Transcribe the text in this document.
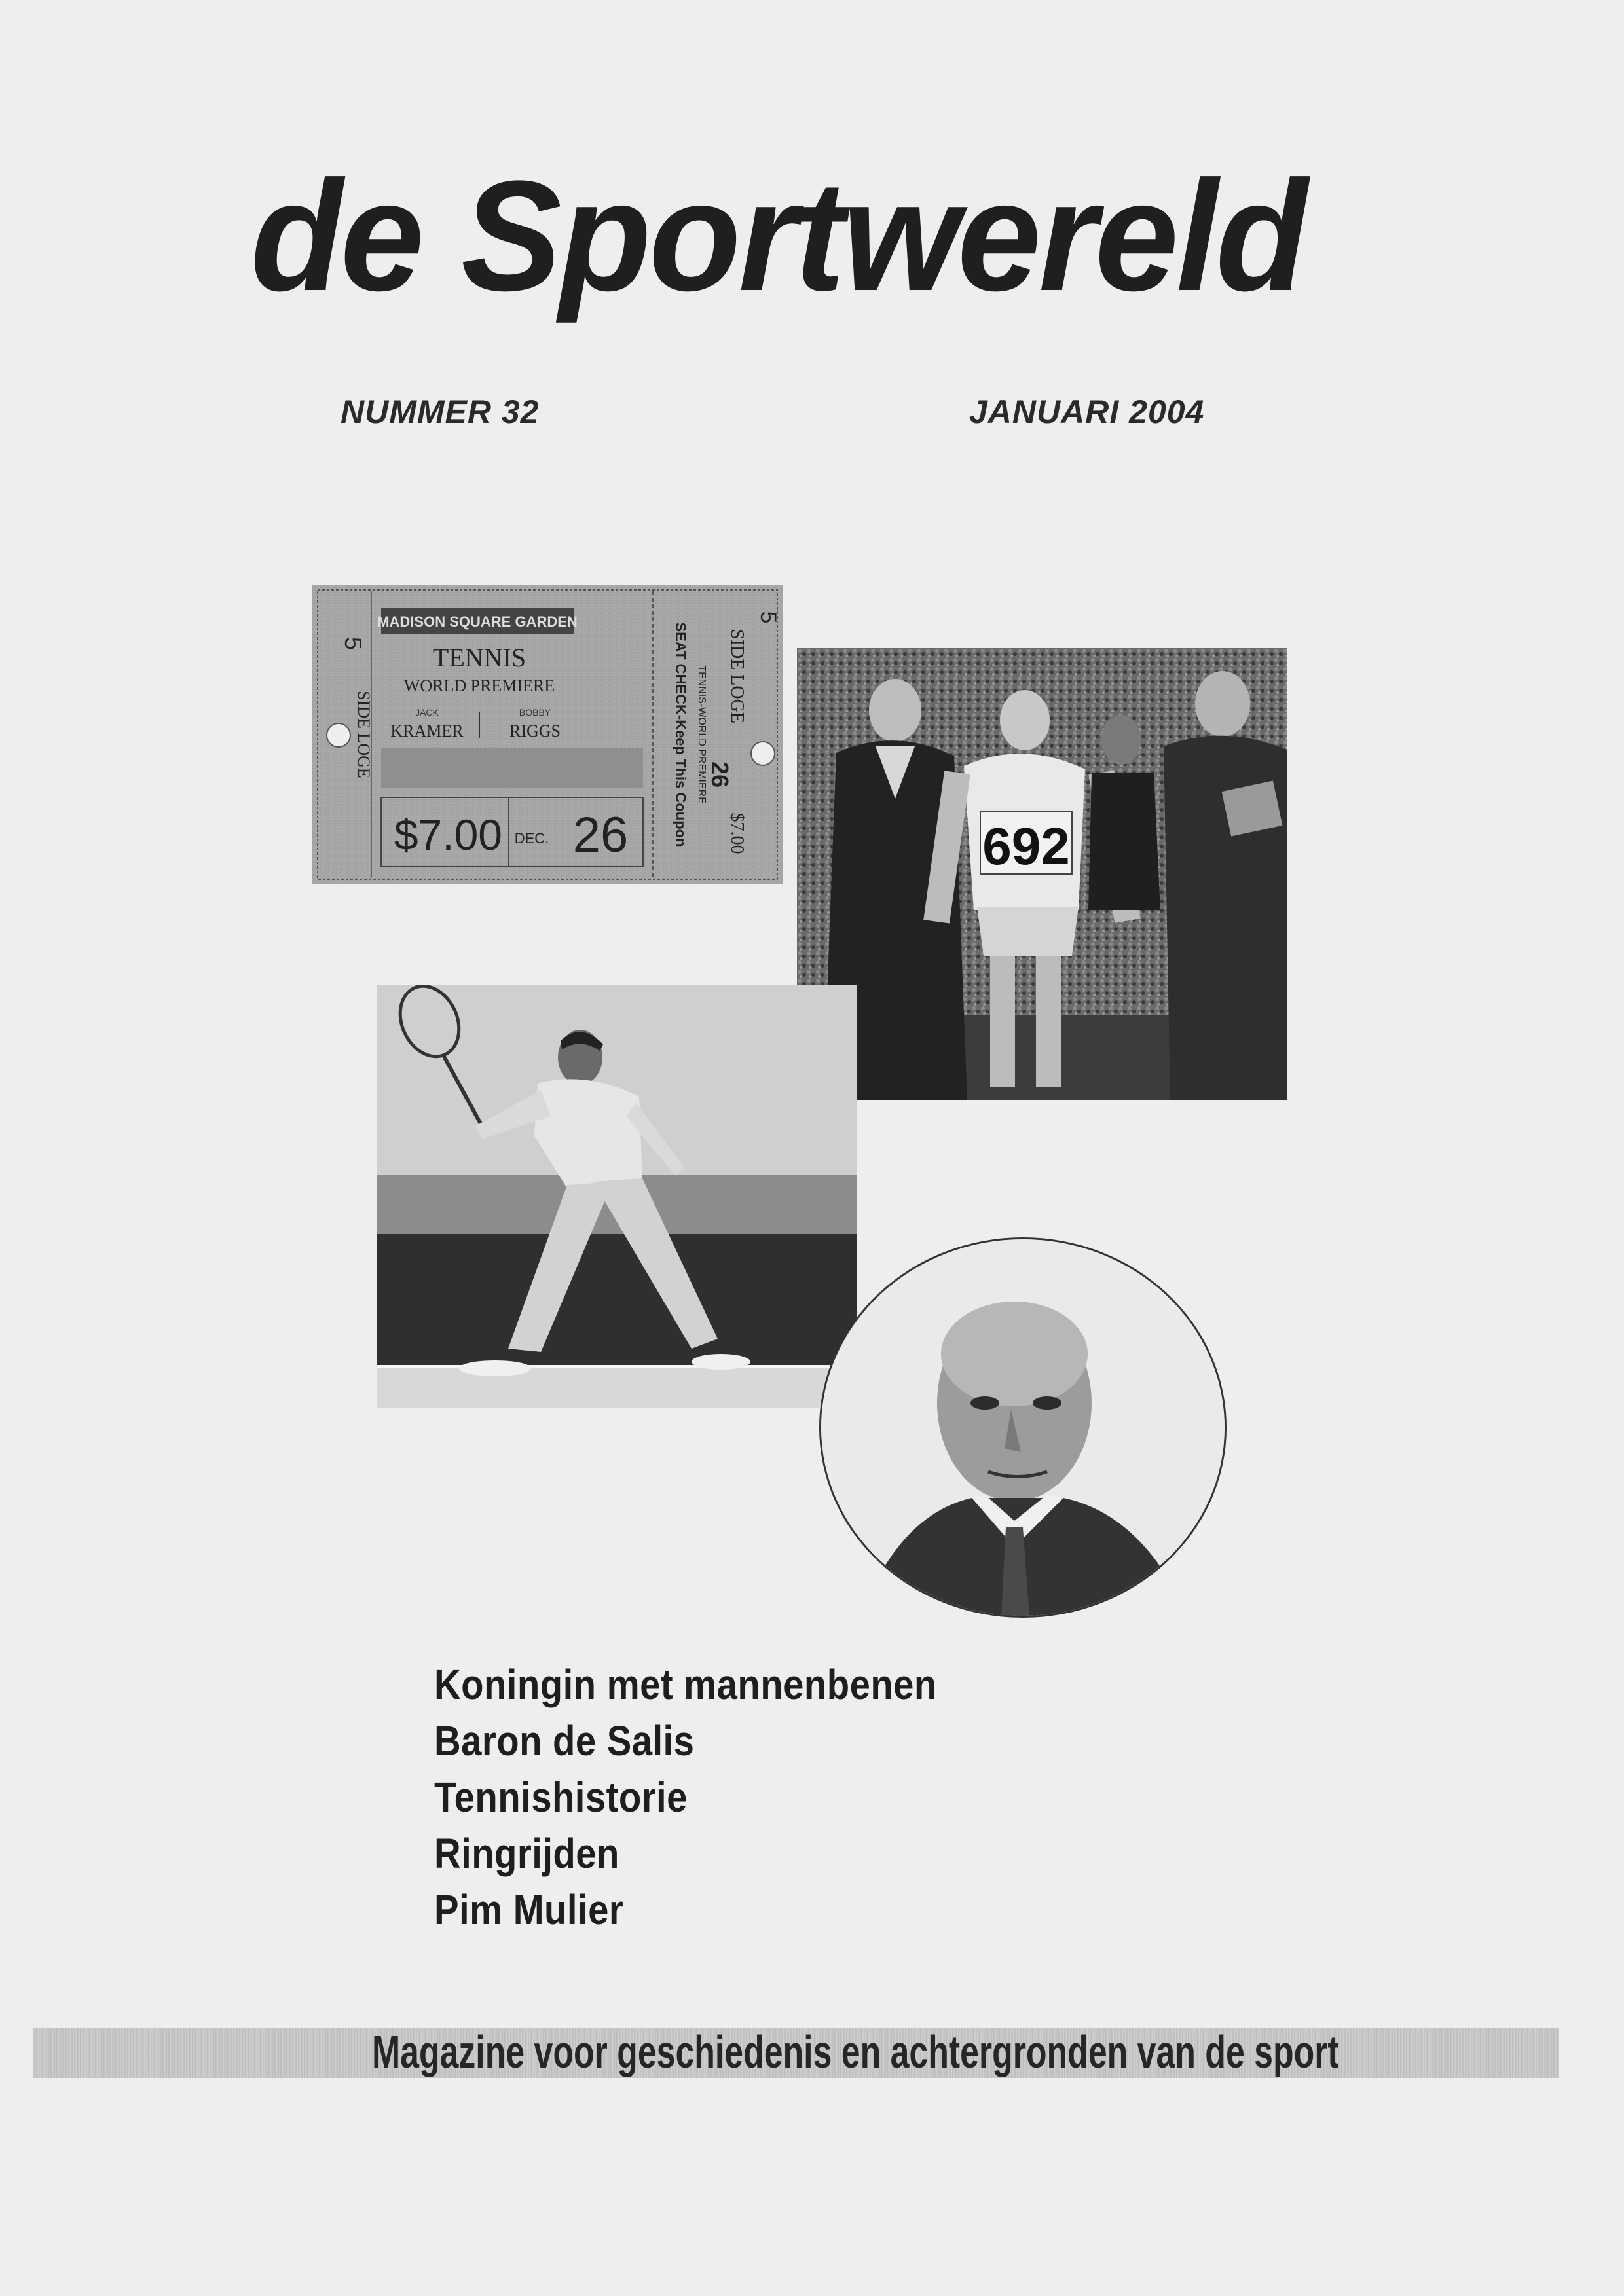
de Sportwereld
NUMMER 32	JANUARI 2004
MADISON SQUARE GARDEN
TENNIS
WORLD PREMIERE
JACK	BOBBY
KRAMER	RIGGS
$7.00 DEC. 26
SIDE LOGE
5	SEAT CHECK-Keep This Coupon TENNIS-WORLD PREMIERE SIDE LOGE
$7.00
26
5
692
Koningin met mannenbenen
Baron de Salis
Tennishistorie
Ringrijden
Pim Mulier
Magazine voor geschiedenis en achtergronden van de sport
